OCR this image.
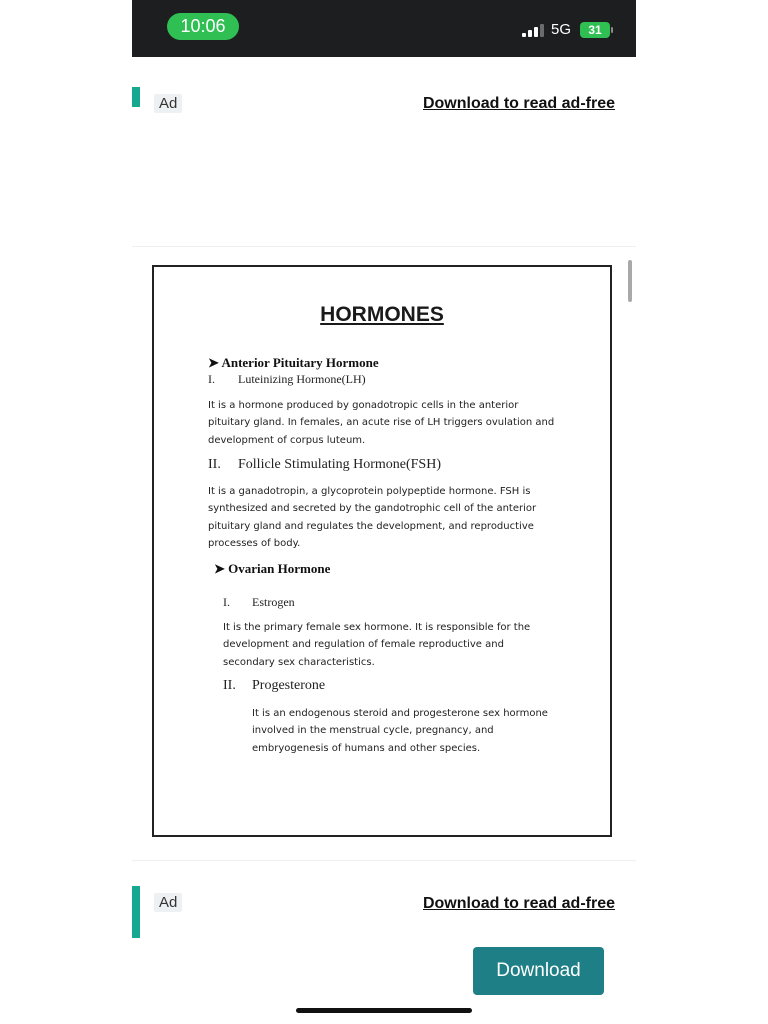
10:06	5G	31
Ad	Download to read ad-free
HORMONES
➤ Anterior Pituitary Hormone
I. Luteinizing Hormone(LH)
It is a hormone produced by gonadotropic cells in the anterior
pituitary gland. In females, an acute rise of LH triggers ovulation and
development of corpus luteum.
II. Follicle Stimulating Hormone(FSH)
It is a ganadotropin, a glycoprotein polypeptide hormone. FSH is
synthesized and secreted by the gandotrophic cell of the anterior
pituitary gland and regulates the development, and reproductive
processes of body.
➤ Ovarian Hormone
I. Estrogen
It is the primary female sex hormone. It is responsible for the
development and regulation of female reproductive and
secondary sex characteristics.
II. Progesterone
It is an endogenous steroid and progesterone sex hormone
involved in the menstrual cycle, pregnancy, and
embryogenesis of humans and other species.
Ad	Download to read ad-free
Download
